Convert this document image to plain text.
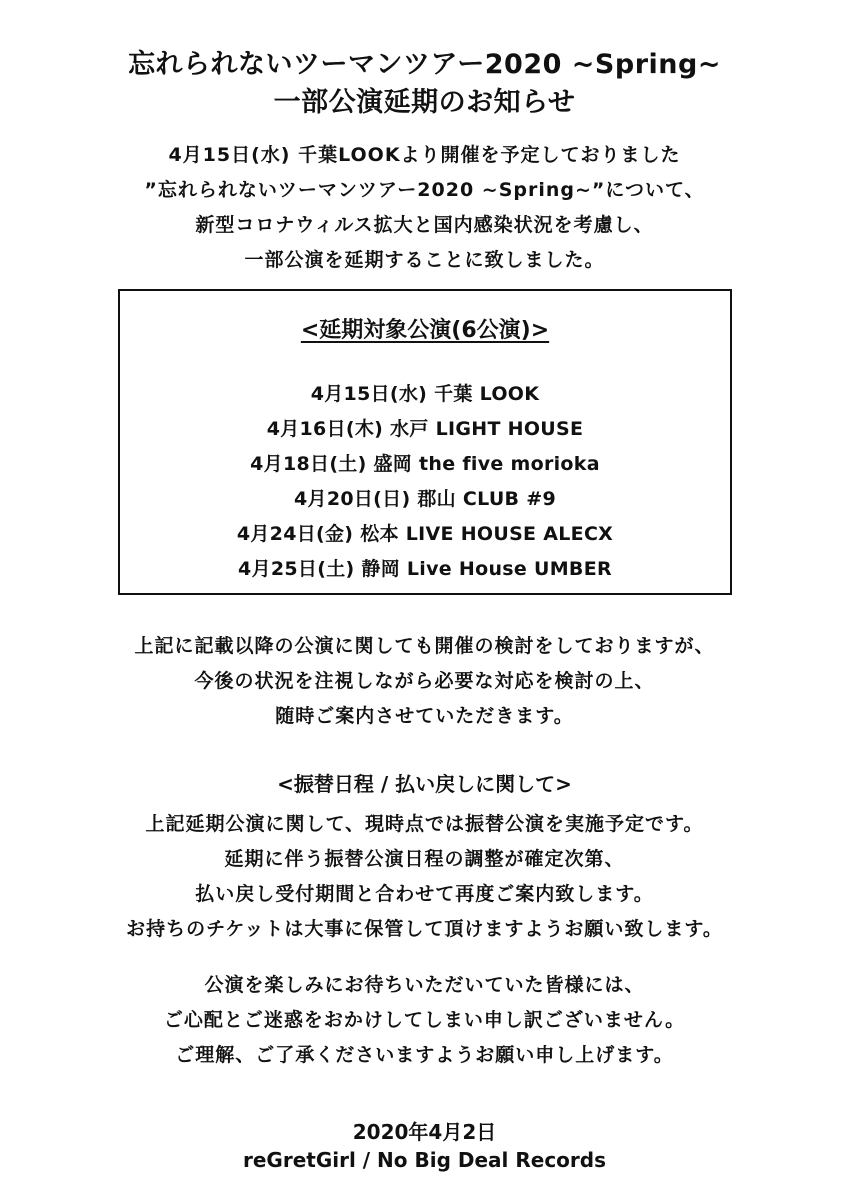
忘れられないツーマンツアー2020 ~Spring~
一部公演延期のお知らせ
4月15日(水) 千葉LOOKより開催を予定しておりました
”忘れられないツーマンツアー2020 ~Spring~”について、
新型コロナウィルス拡大と国内感染状況を考慮し、
一部公演を延期することに致しました。
<延期対象公演(6公演)>
4月15日(水) 千葉 LOOK
4月16日(木) 水戸 LIGHT HOUSE
4月18日(土) 盛岡 the five morioka
4月20日(日) 郡山 CLUB #9
4月24日(金) 松本 LIVE HOUSE ALECX
4月25日(土) 静岡 Live House UMBER
上記に記載以降の公演に関しても開催の検討をしておりますが、
今後の状況を注視しながら必要な対応を検討の上、
随時ご案内させていただきます。
<振替日程 / 払い戻しに関して>
上記延期公演に関して、現時点では振替公演を実施予定です。
延期に伴う振替公演日程の調整が確定次第、
払い戻し受付期間と合わせて再度ご案内致します。
お持ちのチケットは大事に保管して頂けますようお願い致します。
公演を楽しみにお待ちいただいていた皆様には、
ご心配とご迷惑をおかけしてしまい申し訳ございません。
ご理解、ご了承くださいますようお願い申し上げます。
2020年4月2日
reGretGirl / No Big Deal Records
